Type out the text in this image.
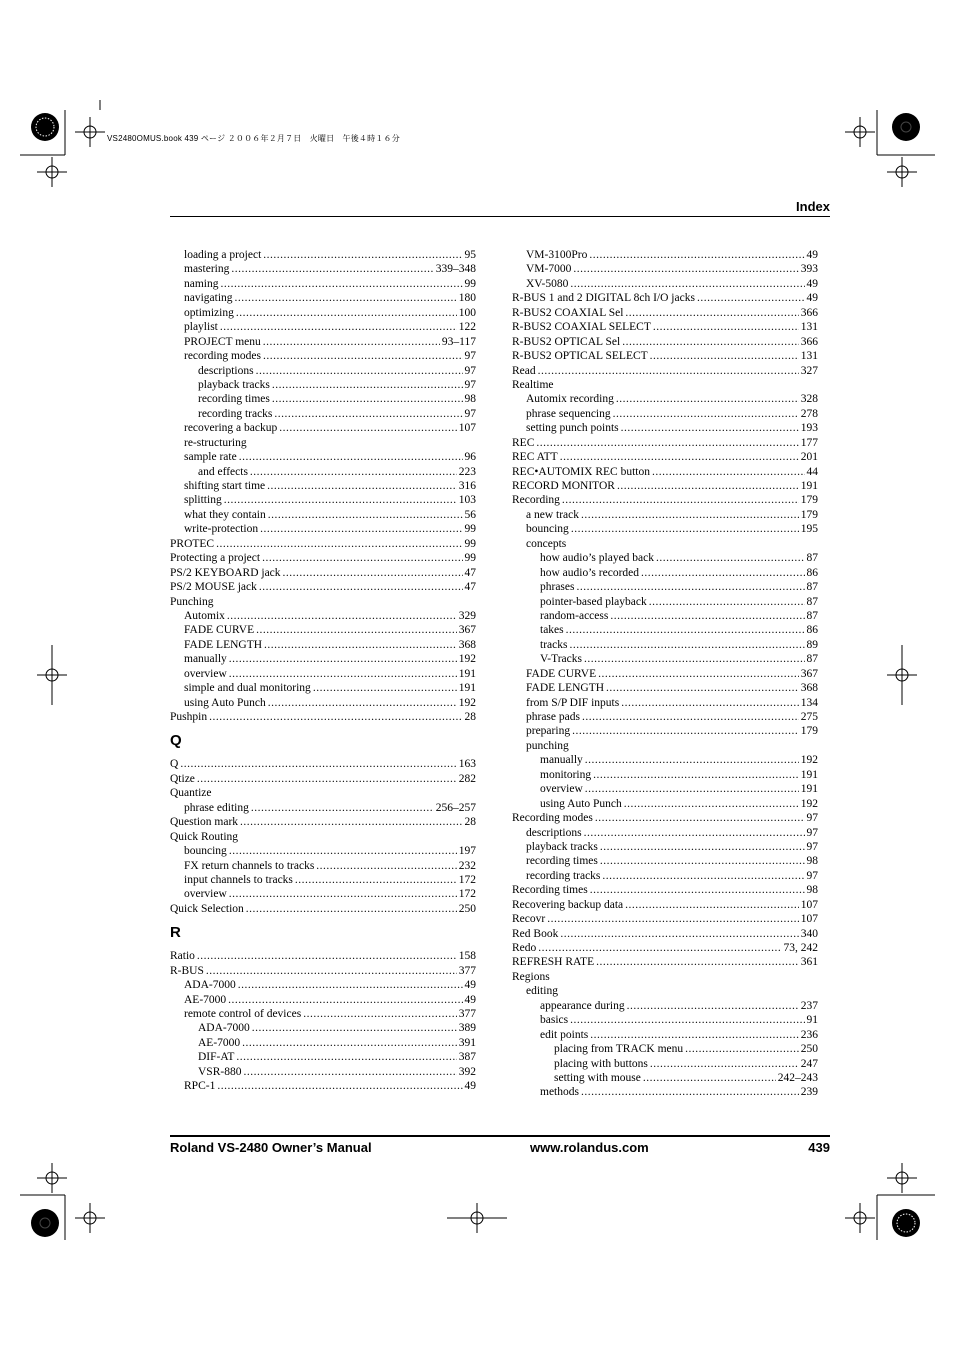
VS2480OMUS.book 439 ページ ２００６年２月７日　火曜日　午後４時１６分
Index
loading a project .....	95
mastering .....	339–348
naming .....	99
navigating .....	180
optimizing .....	100
playlist .....	122
PROJECT menu .....	93–117
recording modes .....	97
descriptions .....	97
playback tracks .....	97
recording times .....	98
recording tracks .....	97
recovering a backup .....	107
re-structuring
sample rate .....	96
and effects .....	223
shifting start time .....	316
splitting .....	103
what they contain .....	56
write-protection .....	99
PROTEC .....	99
Protecting a project .....	99
PS/2 KEYBOARD jack .....	47
PS/2 MOUSE jack .....	47
Punching
Automix .....	329
FADE CURVE .....	367
FADE LENGTH .....	368
manually .....	192
overview .....	191
simple and dual monitoring .....	191
using Auto Punch .....	192
Pushpin .....	28
Q
Q .....	163
Qtize .....	282
Quantize
phrase editing .....	256–257
Question mark .....	28
Quick Routing
bouncing .....	197
FX return channels to tracks .....	232
input channels to tracks .....	172
overview .....	172
Quick Selection .....	250
R
Ratio .....	158
R-BUS .....	377
ADA-7000 .....	49
AE-7000 .....	49
remote control of devices .....	377
ADA-7000 .....	389
AE-7000 .....	391
DIF-AT .....	387
VSR-880 .....	392
RPC-1 .....	49
VM-3100Pro .....	49
VM-7000 .....	393
XV-5080 .....	49
R-BUS 1 and 2 DIGITAL 8ch I/O jacks .....	49
R-BUS2 COAXIAL Sel .....	366
R-BUS2 COAXIAL SELECT .....	131
R-BUS2 OPTICAL Sel .....	366
R-BUS2 OPTICAL SELECT .....	131
Read .....	327
Realtime
Automix recording .....	328
phrase sequencing .....	278
setting punch points .....	193
REC .....	177
REC ATT .....	201
REC•AUTOMIX REC button .....	44
RECORD MONITOR .....	191
Recording .....	179
a new track .....	179
bouncing .....	195
concepts
how audio’s played back .....	87
how audio’s recorded .....	86
phrases .....	87
pointer-based playback .....	87
random-access .....	87
takes .....	86
tracks .....	89
V-Tracks .....	87
FADE CURVE .....	367
FADE LENGTH .....	368
from S/P DIF inputs .....	134
phrase pads .....	275
preparing .....	179
punching
manually .....	192
monitoring .....	191
overview .....	191
using Auto Punch .....	192
Recording modes .....	97
descriptions .....	97
playback tracks .....	97
recording times .....	98
recording tracks .....	97
Recording times .....	98
Recovering backup data .....	107
Recovr .....	107
Red Book .....	340
Redo .....	73, 242
REFRESH RATE .....	361
Regions
editing
appearance during .....	237
basics .....	91
edit points .....	236
placing from TRACK menu .....	250
placing with buttons .....	247
setting with mouse .....	242–243
methods .....	239
Roland VS-2480 Owner’s Manual	www.rolandus.com	439
